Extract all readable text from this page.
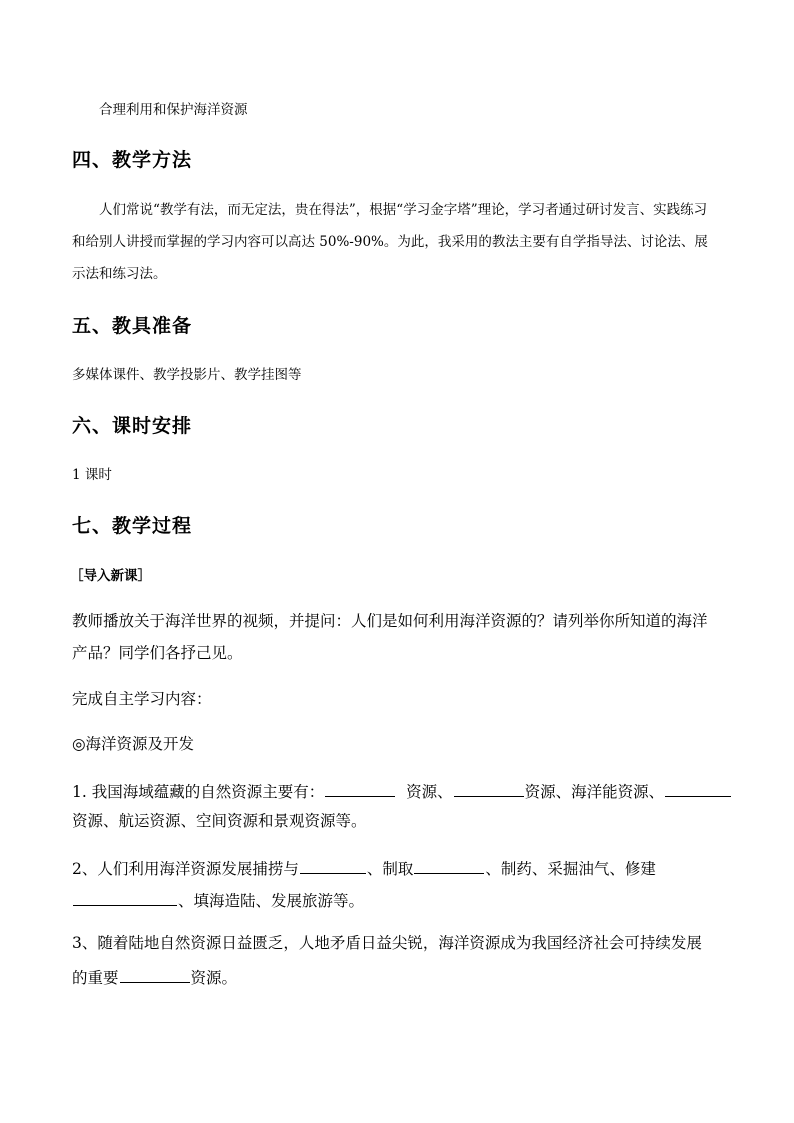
合理利用和保护海洋资源
四、教学方法
人们常说“教学有法，而无定法，贵在得法”，根据“学习金字塔”理论，学习者通过研讨发言、实践练习
和给别人讲授而掌握的学习内容可以高达 50%-90%。为此，我采用的教法主要有自学指导法、讨论法、展
示法和练习法。
五、教具准备
多媒体课件、教学投影片、教学挂图等
六、课时安排
1 课时
七、教学过程
［导入新课］
教师播放关于海洋世界的视频，并提问：人们是如何利用海洋资源的？请列举你所知道的海洋
产品？同学们各抒己见。
完成自主学习内容：
◎海洋资源及开发
1. 我国海域蕴藏的自然资源主要有：	资源、	资源、海洋能资源、
资源、航运资源、空间资源和景观资源等。
2、人们利用海洋资源发展捕捞与	、制取	、制药、采掘油气、修建
、填海造陆、发展旅游等。
3、随着陆地自然资源日益匮乏，人地矛盾日益尖锐，海洋资源成为我国经济社会可持续发展
的重要	资源。
